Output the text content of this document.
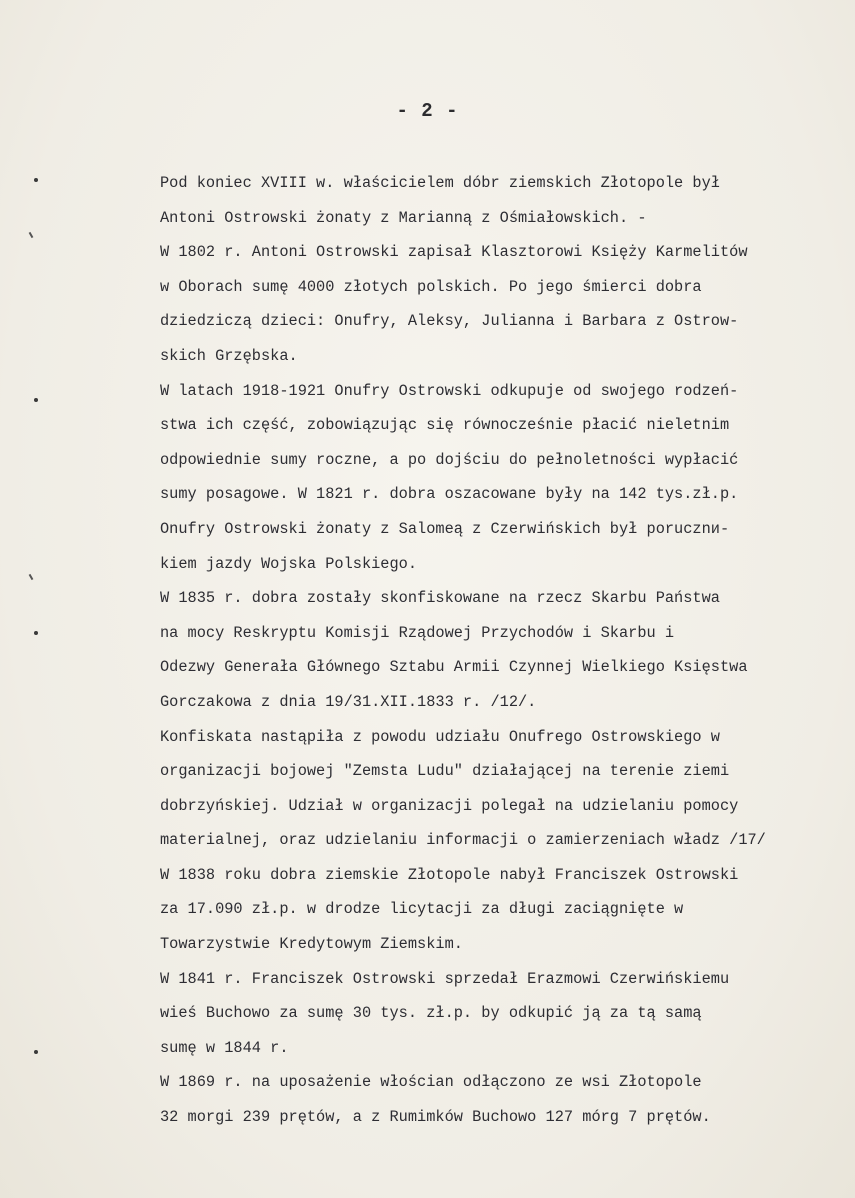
- 2 -
Pod koniec XVIII w. właścicielem dóbr ziemskich Złotopole był
Antoni Ostrowski żonaty z Marianną z Ośmiałowskich. -
W 1802 r. Antoni Ostrowski zapisał Klasztorowi Księży Karmelitów
w Oborach sumę 4000 złotych polskich. Po jego śmierci dobra
dziedziczą dzieci: Onufry, Aleksy, Julianna i Barbara z Ostrow-
skich Grzębska.
W latach 1918-1921 Onufry Ostrowski odkupuje od swojego rodzeń-
stwa ich część, zobowiązując się równocześnie płacić nieletnim
odpowiednie sumy roczne, a po dojściu do pełnoletności wypłacić
sumy posagowe. W 1821 r. dobra oszacowane były na 142 tys.zł.p.
Onufry Ostrowski żonaty z Salomeą z Czerwińskich był porucznи-
kiem jazdy Wojska Polskiego.
W 1835 r. dobra zostały skonfiskowane na rzecz Skarbu Państwa
na mocy Reskryptu Komisji Rządowej Przychodów i Skarbu i
Odezwy Generała Głównego Sztabu Armii Czynnej Wielkiego Księstwa
Gorczakowa z dnia 19/31.XII.1833 r. /12/.
Konfiskata nastąpiła z powodu udziału Onufrego Ostrowskiego w
organizacji bojowej "Zemsta Ludu" działającej na terenie ziemi
dobrzyńskiej. Udział w organizacji polegał na udzielaniu pomocy
materialnej, oraz udzielaniu informacji o zamierzeniach władz /17/
W 1838 roku dobra ziemskie Złotopole nabył Franciszek Ostrowski
za 17.090 zł.p. w drodze licytacji za długi zaciągnięte w
Towarzystwie Kredytowym Ziemskim.
W 1841 r. Franciszek Ostrowski sprzedał Erazmowi Czerwińskiemu
wieś Buchowo za sumę 30 tys. zł.p. by odkupić ją za tą samą
sumę w 1844 r.
W 1869 r. na uposażenie włościan odłączono ze wsi Złotopole
32 morgi 239 prętów, a z Rumimków Buchowo 127 mórg 7 prętów.
